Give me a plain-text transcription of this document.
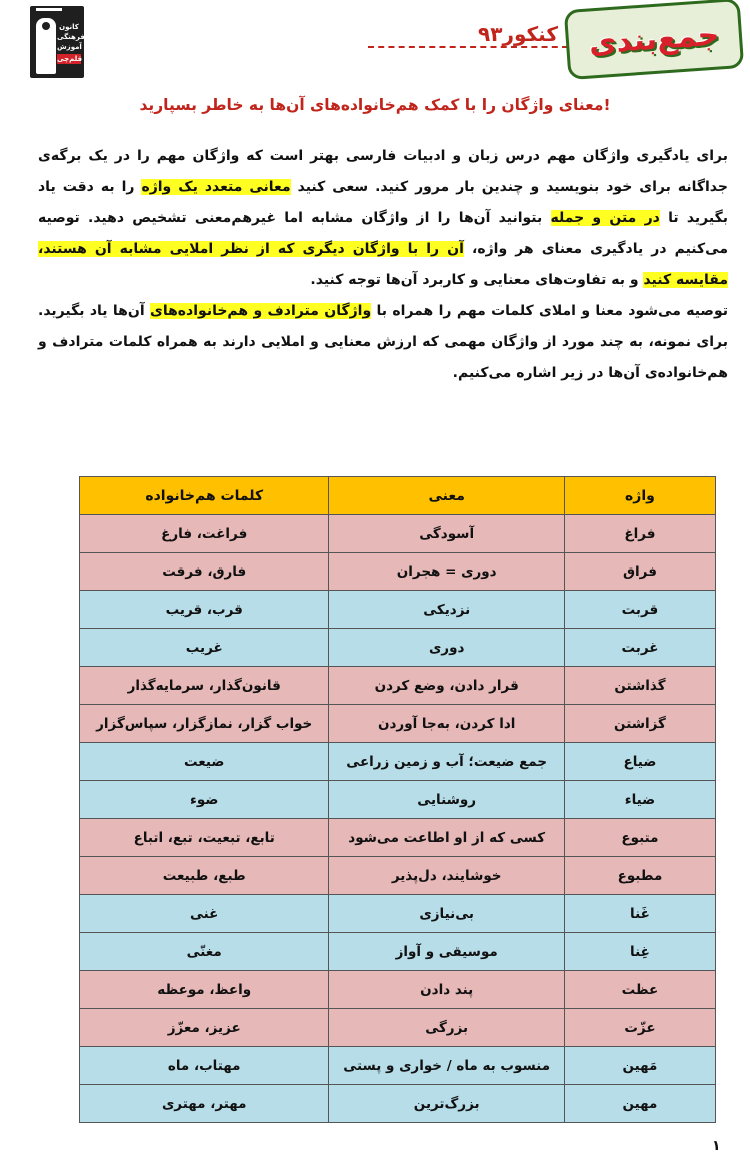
کانون
فرهنگی
آموزش
قلم‌چی
کنکور۹۳ جمع‌بندی
معنای واژگان را با کمک هم‌خانواده‌های آن‌ها به خاطر بسپارید!
برای یادگیری واژگان مهم درس زبان و ادبیات فارسی بهتر است که واژگان مهم را در یک برگه‌ی جداگانه برای خود بنویسید و چندین بار مرور کنید. سعی کنید معانی متعدد یک واژه را به دقت یاد بگیرید تا در متن و جمله بتوانید آن‌ها را از واژگان مشابه اما غیرهم‌معنی تشخیص دهید. توصیه می‌کنیم در یادگیری معنای هر واژه، آن را با واژگان دیگری که از نظر املایی مشابه آن هستند، مقایسه کنید و به تفاوت‌های معنایی و کاربرد آن‌ها توجه کنید.
توصیه می‌شود معنا و املای کلمات مهم را همراه با واژگان مترادف و هم‌خانواده‌های آن‌ها یاد بگیرید. برای نمونه، به چند مورد از واژگان مهمی که ارزش معنایی و املایی دارند به همراه کلمات مترادف و هم‌خانواده‌ی آن‌ها در زیر اشاره می‌کنیم.
واژه	معنی	کلمات هم‌خانواده
فراغ	آسودگی	فراغت، فارغ
فراق	دوری = هجران	فارق، فرقت
قربت	نزدیکی	قرب، قریب
غربت	دوری	غریب
گذاشتن	قرار دادن، وضع کردن	قانون‌گذار، سرمایه‌گذار
گزاشتن	ادا کردن، به‌جا آوردن	خواب گزار، نمازگزار، سپاس‌گزار
ضیاع	جمع ضیعت؛ آب و زمین زراعی	ضیعت
ضیاء	روشنایی	ضوء
متبوع	کسی که از او اطاعت می‌شود	تابع، تبعیت، تبع، اتباع
مطبوع	خوشایند، دل‌پذیر	طبع، طبیعت
غَنا	بی‌نیازی	غنی
غِنا	موسیقی و آواز	مغنّی
عظت	پند دادن	واعظ، موعظه
عزّت	بزرگی	عزیز، معزّز
مَهین	منسوب به ماه / خواری و پستی	مهتاب، ماه
مهین	بزرگ‌ترین	مهتر، مهتری
۱
